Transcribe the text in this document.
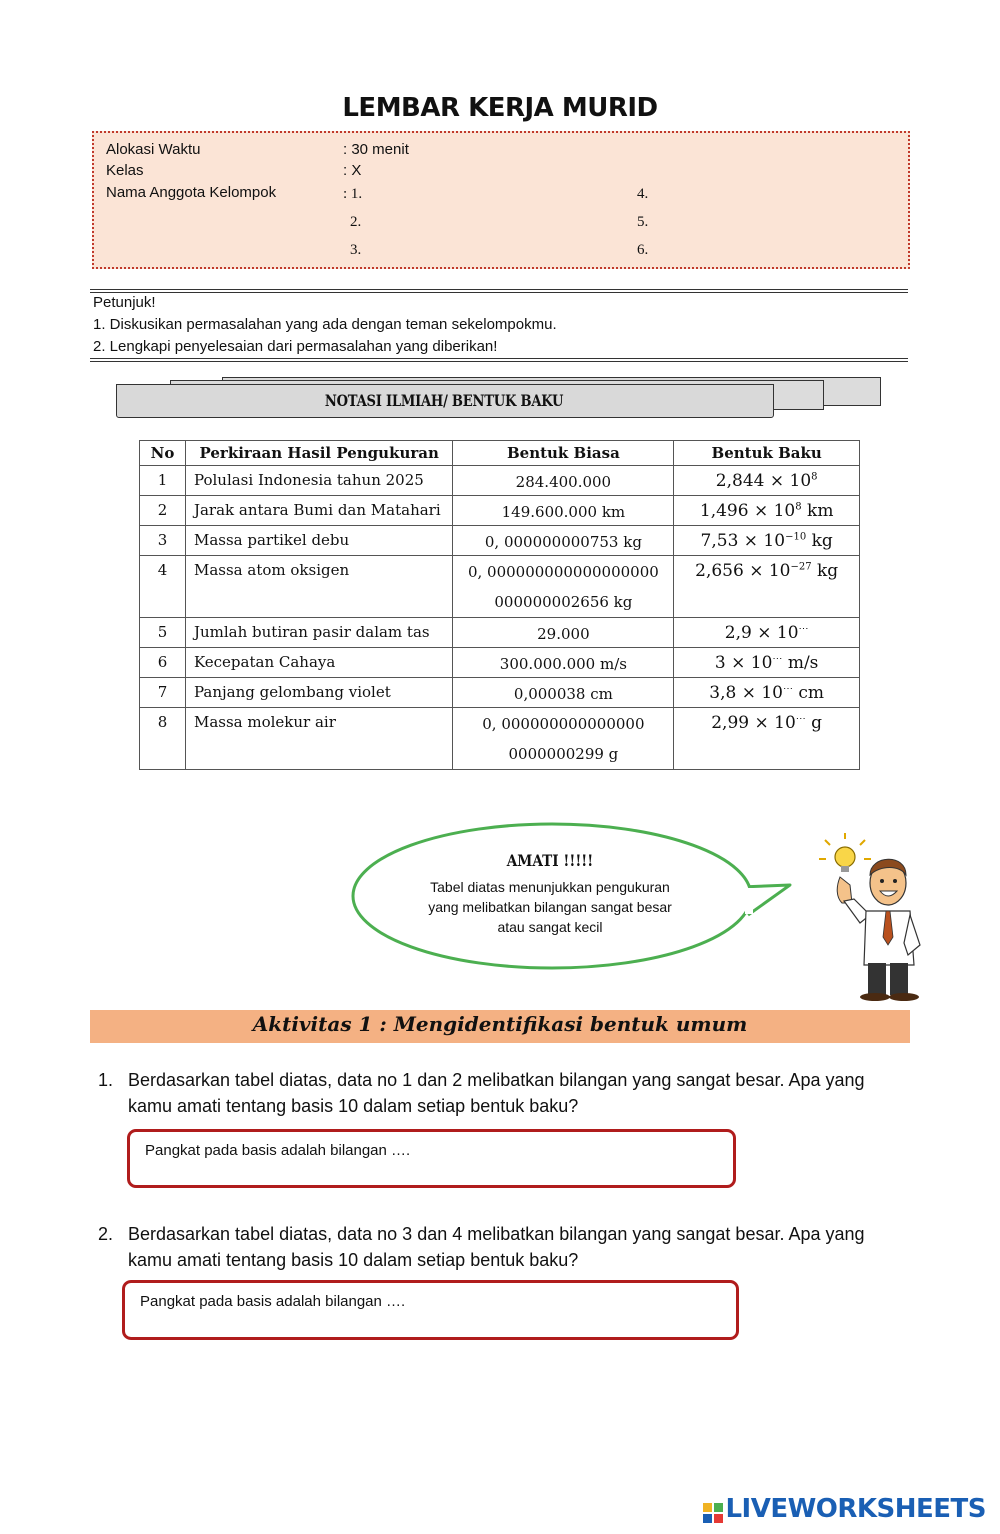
LEMBAR KERJA MURID
Alokasi Waktu	: 30 menit
Kelas	: X
Nama Anggota Kelompok	: 1.
2.
3.
4.
5.
6.
Petunjuk!
1. Diskusikan permasalahan yang ada dengan teman sekelompokmu.
2. Lengkapi penyelesaian dari permasalahan yang diberikan!
NOTASI ILMIAH/ BENTUK BAKU
No	Perkiraan Hasil Pengukuran	Bentuk Biasa	Bentuk Baku
1	Polulasi Indonesia tahun 2025	284.400.000	$2,844 \times 10^8$
2	Jarak antara Bumi dan Matahari	149.600.000 km	$1,496 \times 10^8$ km
3	Massa partikel debu	0, 000000000753 kg	$7,53 \times 10^{-10}$ kg
4	Massa atom oksigen	0, 000000000000000000
000000002656 kg	$2,656 \times 10^{-27}$ kg
5	Jumlah butiran pasir dalam tas	29.000	2,9 × 10⋯
6	Kecepatan Cahaya	300.000.000 m/s	3 × 10⋯ m/s
7	Panjang gelombang violet	0,000038 cm	3,8 × 10⋯ cm
8	Massa molekur air	0, 000000000000000
0000000299 g	2,99 × 10⋯ g
AMATI !!!!!
Tabel diatas menunjukkan pengukuran yang melibatkan bilangan sangat besar atau sangat kecil
Aktivitas 1 : Mengidentifikasi bentuk umum
1. Berdasarkan tabel diatas, data no 1 dan 2 melibatkan bilangan yang sangat besar. Apa yang kamu amati tentang basis 10 dalam setiap bentuk baku?
Pangkat pada basis adalah bilangan ….
2. Berdasarkan tabel diatas, data no 3 dan 4 melibatkan bilangan yang sangat besar. Apa yang kamu amati tentang basis 10 dalam setiap bentuk baku?
Pangkat pada basis adalah bilangan ….
LIVEWORKSHEETS
